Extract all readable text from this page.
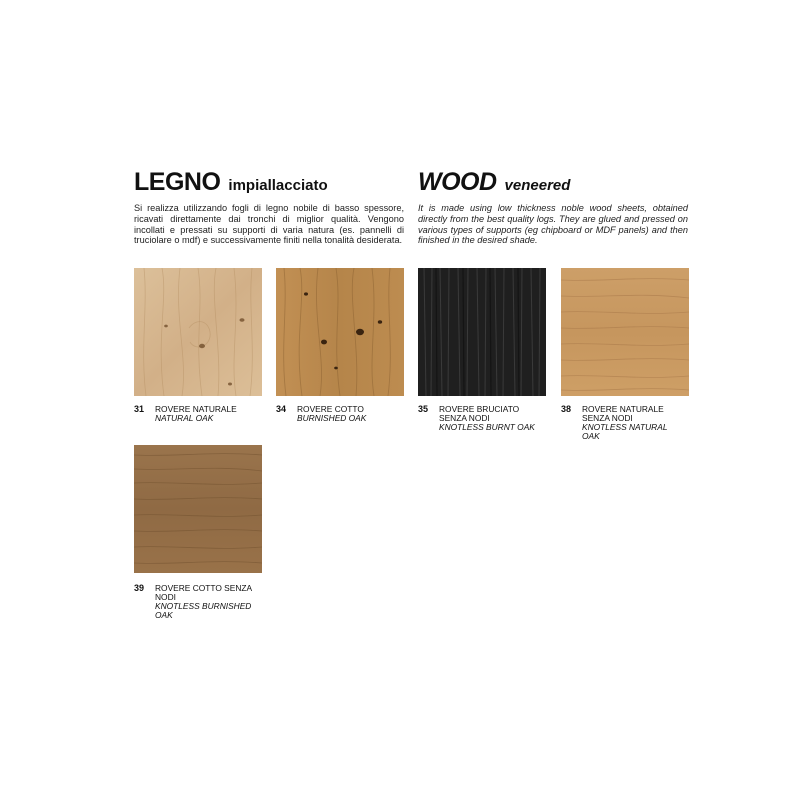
LEGNO impiallacciato	WOOD veneered

Si realizza utilizzando fogli di legno nobile di basso spessore, ricavati direttamente dai tronchi di miglior qualità. Vengono incollati e pressati su supporti di varia natura (es. pannelli di truciolare o mdf) e successivamente finiti nella tonalità desiderata.

It is made using low thickness noble wood sheets, obtained directly from the best quality logs. They are glued and pressed on various types of supports (eg chipboard or MDF panels) and then finished in the desired shade.

31 ROVERE NATURALE
NATURAL OAK
34 ROVERE COTTO
BURNISHED OAK
35 ROVERE BRUCIATO SENZA NODI
KNOTLESS BURNT OAK
38 ROVERE NATURALE SENZA NODI
KNOTLESS NATURAL OAK
39 ROVERE COTTO SENZA NODI
KNOTLESS BURNISHED OAK
